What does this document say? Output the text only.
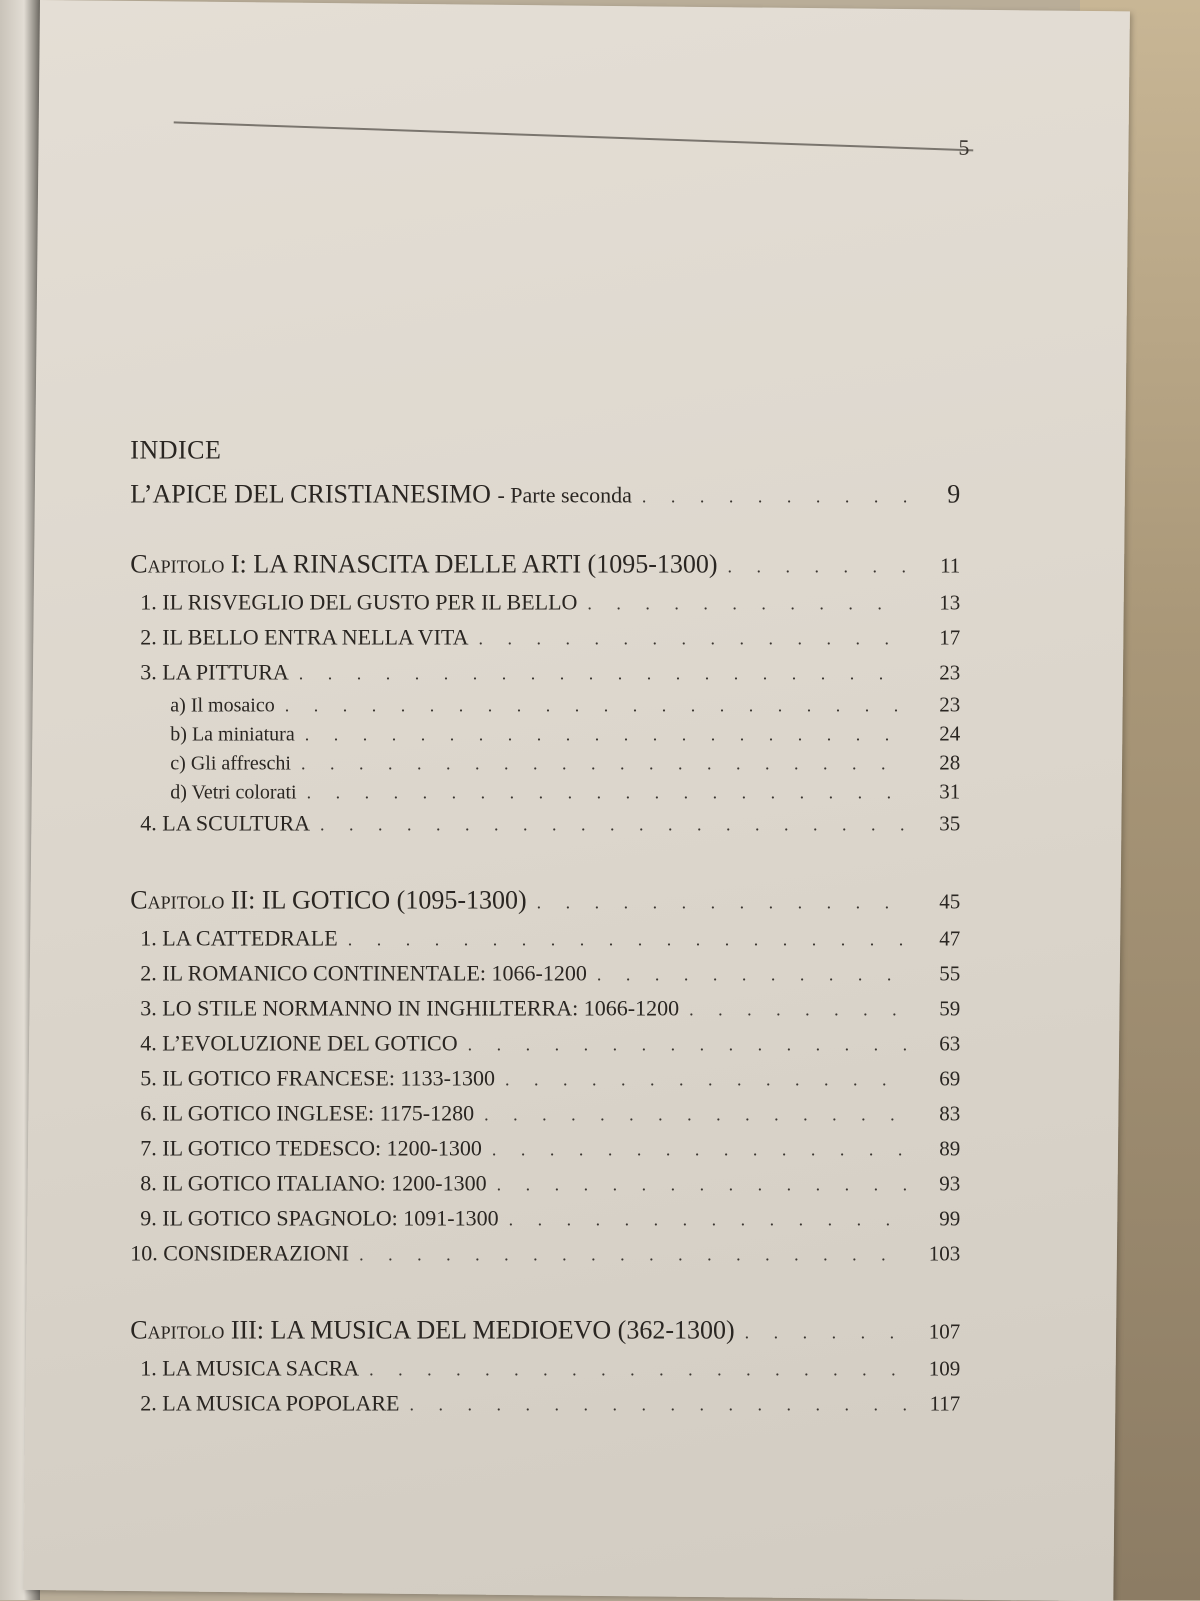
5
INDICE
L’APICE DEL CRISTIANESIMO - Parte seconda . . .	9
Capitolo I: LA RINASCITA DELLE ARTI (1095-1300) . . .	11
1. IL RISVEGLIO DEL GUSTO PER IL BELLO . . .	13
2. IL BELLO ENTRA NELLA VITA . . .	17
3. LA PITTURA . . .	23
a) Il mosaico . . .	23
b) La miniatura . . .	24
c) Gli affreschi . . .	28
d) Vetri colorati . . .	31
4. LA SCULTURA . . .	35
Capitolo II: IL GOTICO (1095-1300) . . .	45
1. LA CATTEDRALE . . .	47
2. IL ROMANICO CONTINENTALE: 1066-1200 . . .	55
3. LO STILE NORMANNO IN INGHILTERRA: 1066-1200 . . .	59
4. L’EVOLUZIONE DEL GOTICO . . .	63
5. IL GOTICO FRANCESE: 1133-1300 . . .	69
6. IL GOTICO INGLESE: 1175-1280 . . .	83
7. IL GOTICO TEDESCO: 1200-1300 . . .	89
8. IL GOTICO ITALIANO: 1200-1300 . . .	93
9. IL GOTICO SPAGNOLO: 1091-1300 . . .	99
10. CONSIDERAZIONI . . .	103
Capitolo III: LA MUSICA DEL MEDIOEVO (362-1300) . . .	107
1. LA MUSICA SACRA . . .	109
2. LA MUSICA POPOLARE . . .	117
